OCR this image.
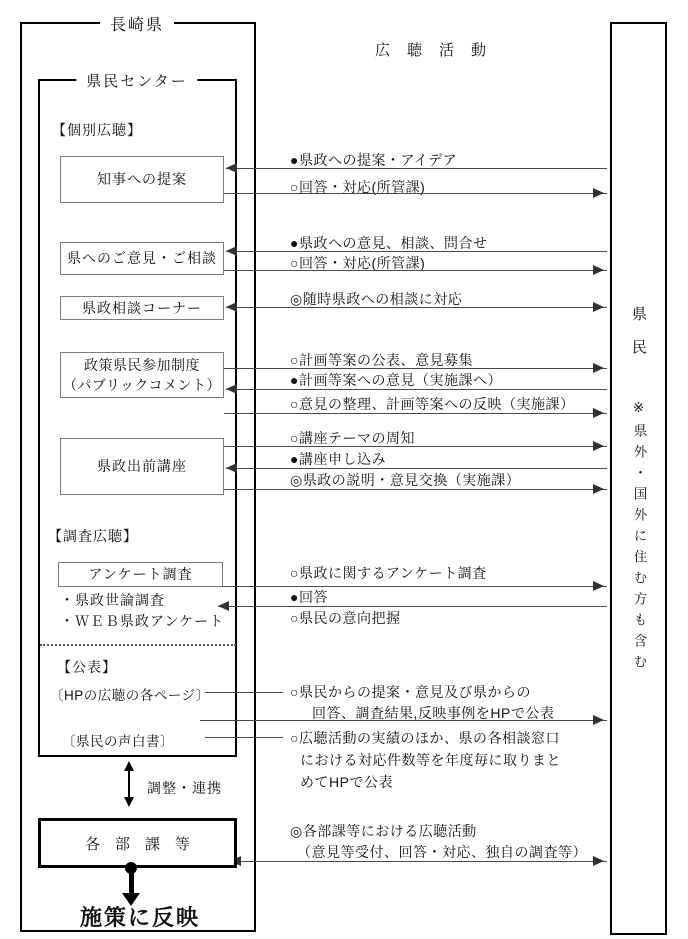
長崎県
県民センター
広　聴　活　動
県民
※県外・国外に住む方も含む
【個別広聴】
【調査広聴】
【公表】
知事への提案
県へのご意見・ご相談
県政相談コーナー
政策県民参加制度
（パブリックコメント）
県政出前講座
アンケート調査
・県政世論調査
・ＷＥＢ県政アンケート
〔HPの広聴の各ページ〕
〔県民の声白書〕
●県政への提案・アイデア
○回答・対応(所管課)
●県政への意見、相談、問合せ
○回答・対応(所管課)
◎随時県政への相談に対応
○計画等案の公表、意見募集
●計画等案への意見（実施課へ）
○意見の整理、計画等案への反映（実施課）
○講座テーマの周知
●講座申し込み
◎県政の説明・意見交換（実施課）
○県政に関するアンケート調査
●回答
○県民の意向把握
○県民からの提案・意見及び県からの
回答、調査結果,反映事例をHPで公表
○広聴活動の実績のほか、県の各相談窓口
における対応件数等を年度毎に取りまと
めてHPで公表
◎各部課等における広聴活動
（意見等受付、回答・対応、独自の調査等）
調整・連携
各　部　課　等
施策に反映
